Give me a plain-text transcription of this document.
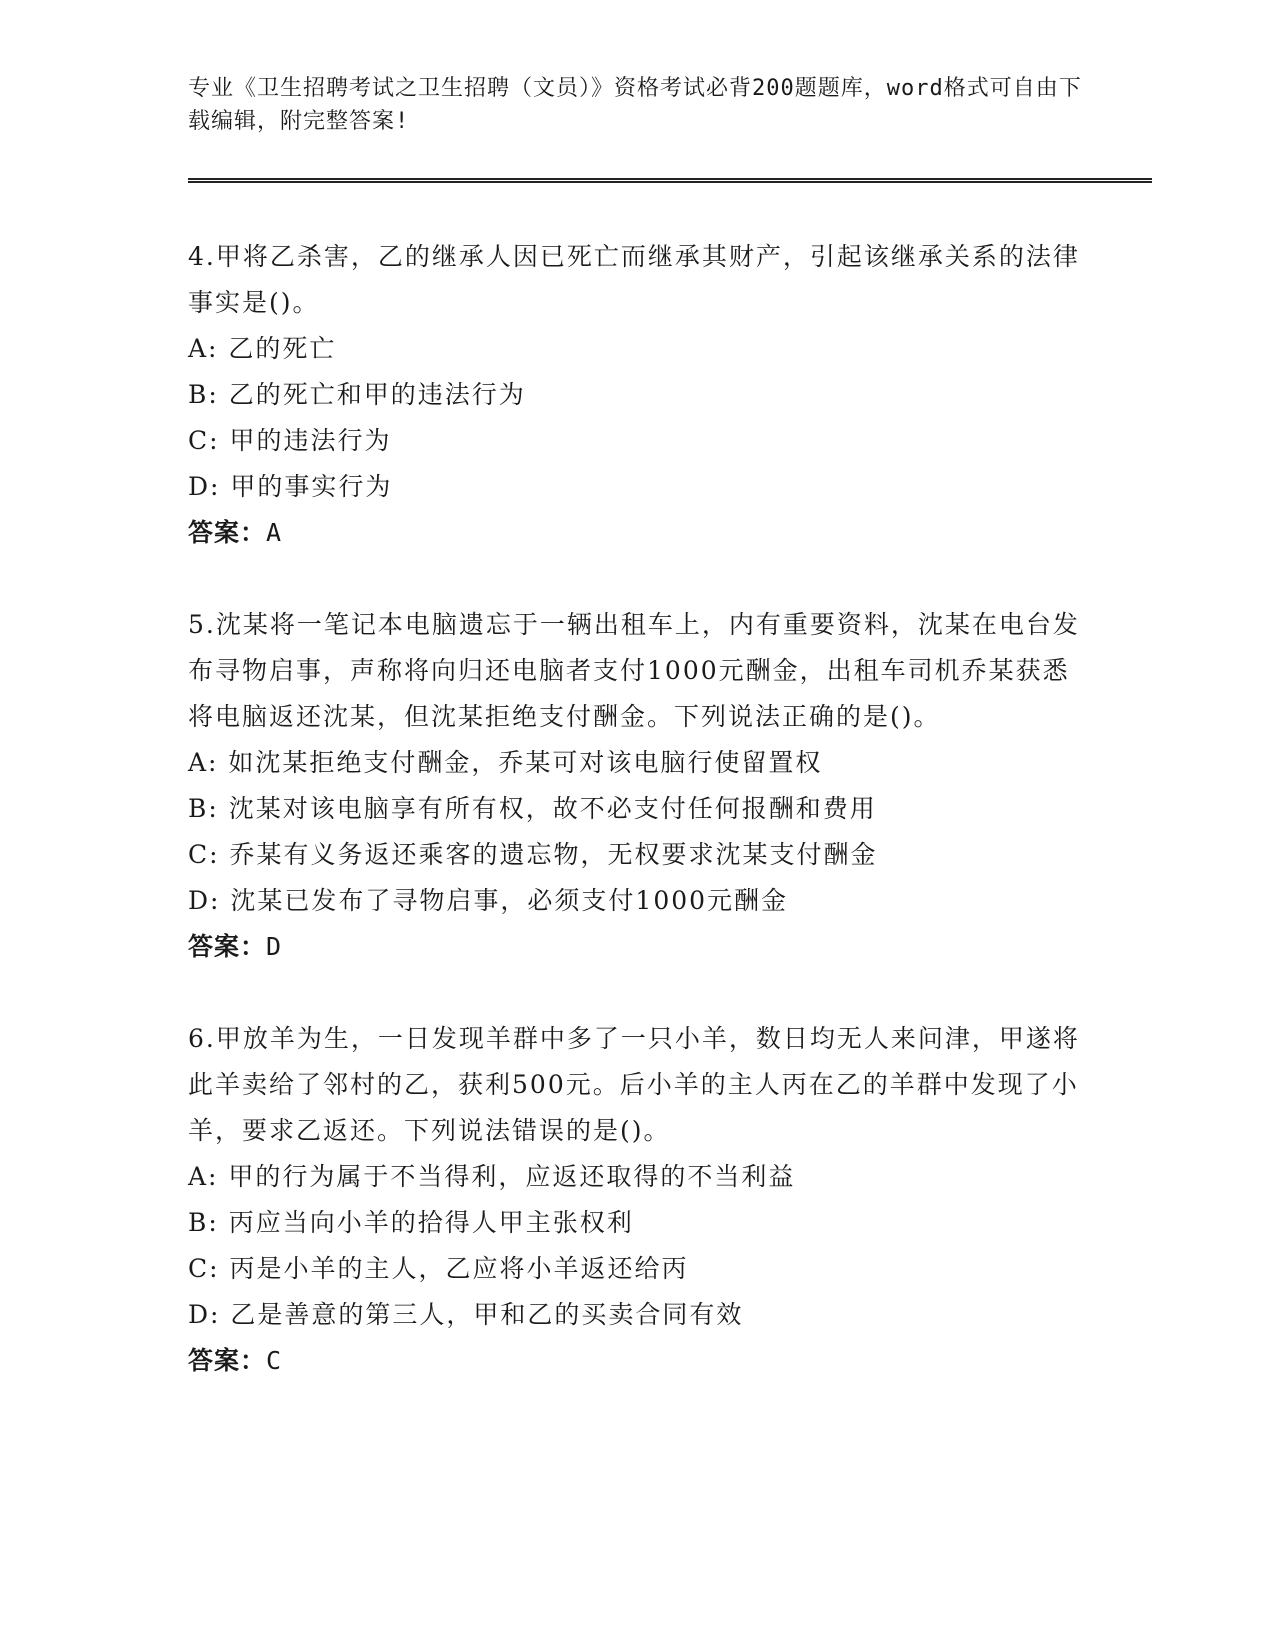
专业《卫生招聘考试之卫生招聘（文员）》资格考试必背200题题库，word格式可自由下载编辑，附完整答案!

4.甲将乙杀害，乙的继承人因已死亡而继承其财产，引起该继承关系的法律事实是()。

A: 乙的死亡

B: 乙的死亡和甲的违法行为

C: 甲的违法行为

D: 甲的事实行为

答案：A

5.沈某将一笔记本电脑遗忘于一辆出租车上，内有重要资料，沈某在电台发布寻物启事，声称将向归还电脑者支付1000元酬金，出租车司机乔某获悉将电脑返还沈某，但沈某拒绝支付酬金。下列说法正确的是()。

A: 如沈某拒绝支付酬金，乔某可对该电脑行使留置权

B: 沈某对该电脑享有所有权，故不必支付任何报酬和费用

C: 乔某有义务返还乘客的遗忘物，无权要求沈某支付酬金

D: 沈某已发布了寻物启事，必须支付1000元酬金

答案：D

6.甲放羊为生，一日发现羊群中多了一只小羊，数日均无人来问津，甲遂将此羊卖给了邻村的乙，获利500元。后小羊的主人丙在乙的羊群中发现了小羊，要求乙返还。下列说法错误的是()。

A: 甲的行为属于不当得利，应返还取得的不当利益

B: 丙应当向小羊的拾得人甲主张权利

C: 丙是小羊的主人，乙应将小羊返还给丙

D: 乙是善意的第三人，甲和乙的买卖合同有效

答案：C
